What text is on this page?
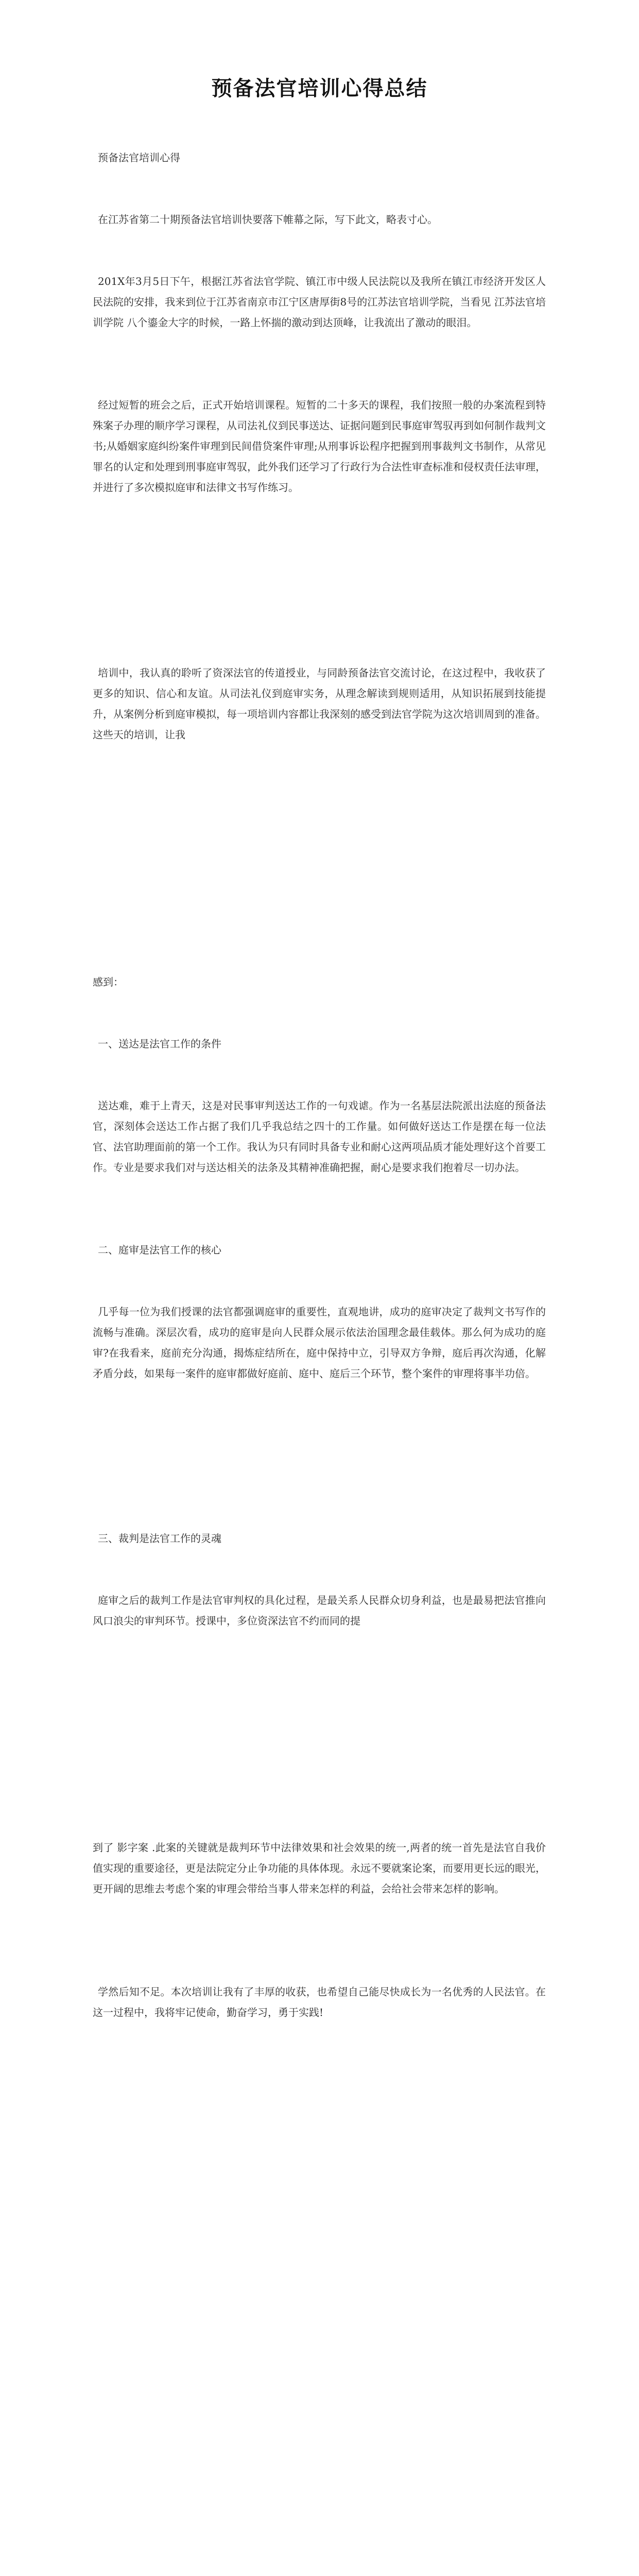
预备法官培训心得总结
预备法官培训心得
在江苏省第二十期预备法官培训快要落下帷幕之际，写下此文，略表寸心。
201X年3月5日下午，根据江苏省法官学院、镇江市中级人民法院以及我所在镇江市经济开发区人民法院的安排，我来到位于江苏省南京市江宁区唐厚街8号的江苏法官培训学院，当看见 江苏法官培训学院 八个鎏金大字的时候，一路上怀揣的激动到达顶峰，让我流出了激动的眼泪。
经过短暂的班会之后，正式开始培训课程。短暂的二十多天的课程，我们按照一般的办案流程到特殊案子办理的顺序学习课程，从司法礼仪到民事送达、证据问题到民事庭审驾驭再到如何制作裁判文书;从婚姻家庭纠纷案件审理到民间借贷案件审理;从刑事诉讼程序把握到刑事裁判文书制作，从常见罪名的认定和处理到刑事庭审驾驭，此外我们还学习了行政行为合法性审查标准和侵权责任法审理，并进行了多次模拟庭审和法律文书写作练习。
培训中，我认真的聆听了资深法官的传道授业，与同龄预备法官交流讨论，在这过程中，我收获了更多的知识、信心和友谊。从司法礼仪到庭审实务，从理念解读到规则适用，从知识拓展到技能提升，从案例分析到庭审模拟，每一项培训内容都让我深刻的感受到法官学院为这次培训周到的准备。这些天的培训，让我
感到：
一、送达是法官工作的条件
送达难，难于上青天，这是对民事审判送达工作的一句戏谑。作为一名基层法院派出法庭的预备法官，深刻体会送达工作占据了我们几乎我总结之四十的工作量。如何做好送达工作是摆在每一位法官、法官助理面前的第一个工作。我认为只有同时具备专业和耐心这两项品质才能处理好这个首要工作。专业是要求我们对与送达相关的法条及其精神准确把握，耐心是要求我们抱着尽一切办法。
二、庭审是法官工作的核心
几乎每一位为我们授课的法官都强调庭审的重要性，直观地讲，成功的庭审决定了裁判文书写作的流畅与准确。深层次看，成功的庭审是向人民群众展示依法治国理念最佳载体。那么何为成功的庭审?在我看来，庭前充分沟通，揭炼症结所在，庭中保持中立，引导双方争辩，庭后再次沟通，化解矛盾分歧，如果每一案件的庭审都做好庭前、庭中、庭后三个环节，整个案件的审理将事半功倍。
三、裁判是法官工作的灵魂
庭审之后的裁判工作是法官审判权的具化过程，是最关系人民群众切身利益，也是最易把法官推向风口浪尖的审判环节。授课中，多位资深法官不约而同的提
到了 影字案 .此案的关键就是裁判环节中法律效果和社会效果的统一,两者的统一首先是法官自我价值实现的重要途径，更是法院定分止争功能的具体体现。永远不要就案论案，而要用更长远的眼光，更开阔的思维去考虑个案的审理会带给当事人带来怎样的利益，会给社会带来怎样的影响。
学然后知不足。本次培训让我有了丰厚的收获，也希望自己能尽快成长为一名优秀的人民法官。在这一过程中，我将牢记使命，勤奋学习，勇于实践!
